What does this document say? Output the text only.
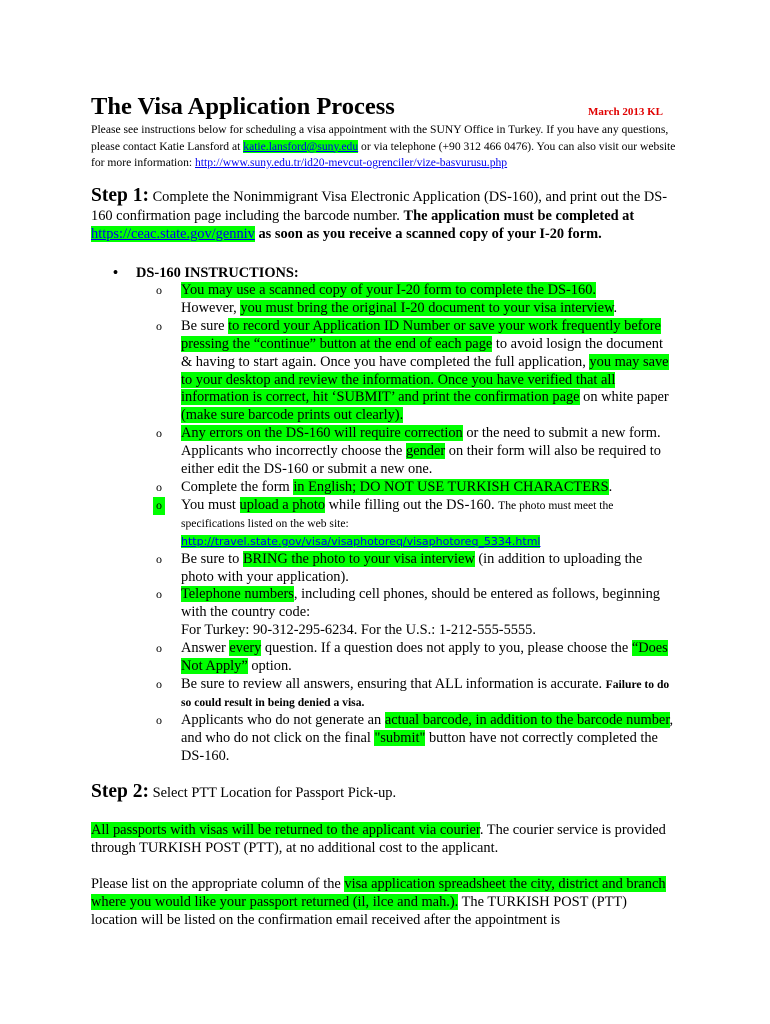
The Visa Application Process	March 2013 KL
Please see instructions below for scheduling a visa appointment with the SUNY Office in Turkey. If you have any questions, please contact Katie Lansford at katie.lansford@suny.edu or via telephone (+90 312 466 0476). You can also visit our website for more information: http://www.suny.edu.tr/id20-mevcut-ogrenciler/vize-basvurusu.php
Step 1: Complete the Nonimmigrant Visa Electronic Application (DS-160), and print out the DS-160 confirmation page including the barcode number. The application must be completed at https://ceac.state.gov/genniv as soon as you receive a scanned copy of your I-20 form.
• DS-160 INSTRUCTIONS:
o You may use a scanned copy of your I-20 form to complete the DS-160.
However, you must bring the original I-20 document to your visa interview.
o Be sure to record your Application ID Number or save your work frequently before pressing the “continue” button at the end of each page to avoid losign the document & having to start again. Once you have completed the full application, you may save to your desktop and review the information. Once you have verified that all information is correct, hit ‘SUBMIT’ and print the confirmation page on white paper (make sure barcode prints out clearly).
o Any errors on the DS-160 will require correction or the need to submit a new form. Applicants who incorrectly choose the gender on their form will also be required to either edit the DS-160 or submit a new one.
o Complete the form in English; DO NOT USE TURKISH CHARACTERS.
o You must upload a photo while filling out the DS-160. The photo must meet the specifications listed on the web site:
http://travel.state.gov/visa/visaphotoreq/visaphotoreq_5334.html
o Be sure to BRING the photo to your visa interview (in addition to uploading the photo with your application).
o Telephone numbers, including cell phones, should be entered as follows, beginning with the country code:
For Turkey: 90-312-295-6234. For the U.S.: 1-212-555-5555.
o Answer every question. If a question does not apply to you, please choose the “Does Not Apply” option.
o Be sure to review all answers, ensuring that ALL information is accurate. Failure to do so could result in being denied a visa.
o Applicants who do not generate an actual barcode, in addition to the barcode number, and who do not click on the final "submit" button have not correctly completed the DS-160.
Step 2: Select PTT Location for Passport Pick-up.
All passports with visas will be returned to the applicant via courier. The courier service is provided through TURKISH POST (PTT), at no additional cost to the applicant.
Please list on the appropriate column of the visa application spreadsheet the city, district and branch where you would like your passport returned (il, ilce and mah.). The TURKISH POST (PTT) location will be listed on the confirmation email received after the appointment is
